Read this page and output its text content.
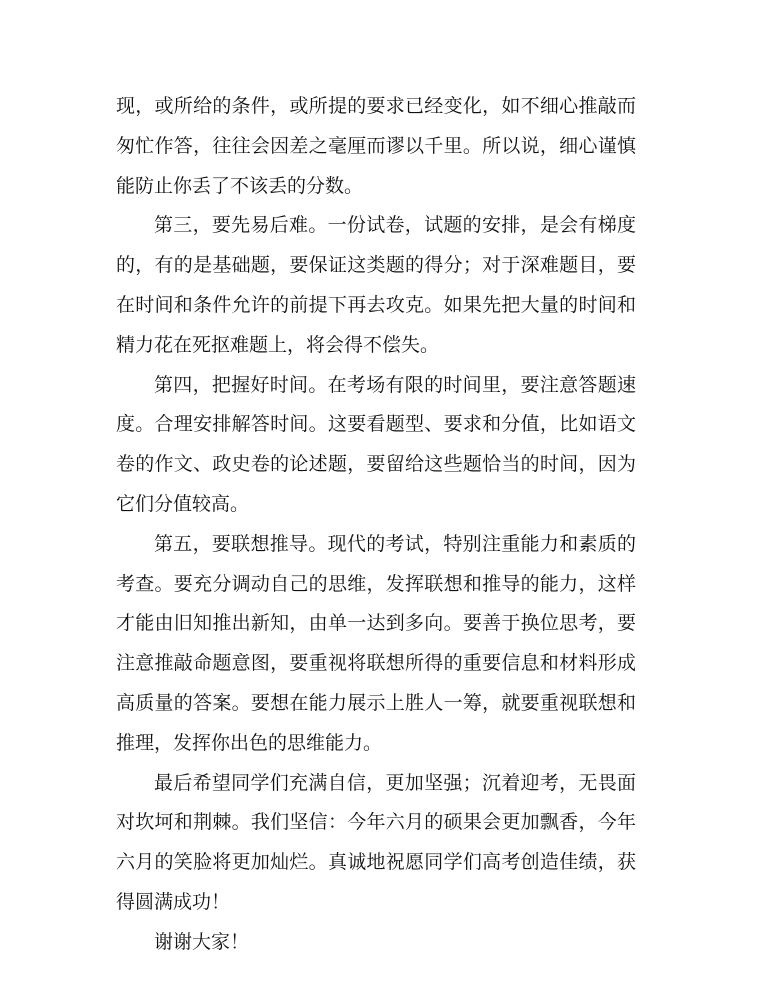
现，或所给的条件，或所提的要求已经变化，如不细心推敲而匆忙作答，往往会因差之毫厘而谬以千里。所以说，细心谨慎能防止你丢了不该丢的分数。

第三，要先易后难。一份试卷，试题的安排，是会有梯度的，有的是基础题，要保证这类题的得分；对于深难题目，要在时间和条件允许的前提下再去攻克。如果先把大量的时间和精力花在死抠难题上，将会得不偿失。

第四，把握好时间。在考场有限的时间里，要注意答题速度。合理安排解答时间。这要看题型、要求和分值，比如语文卷的作文、政史卷的论述题，要留给这些题恰当的时间，因为它们分值较高。

第五，要联想推导。现代的考试，特别注重能力和素质的考查。要充分调动自己的思维，发挥联想和推导的能力，这样才能由旧知推出新知，由单一达到多向。要善于换位思考，要注意推敲命题意图，要重视将联想所得的重要信息和材料形成高质量的答案。要想在能力展示上胜人一筹，就要重视联想和推理，发挥你出色的思维能力。

最后希望同学们充满自信，更加坚强；沉着迎考，无畏面对坎坷和荆棘。我们坚信：今年六月的硕果会更加飘香，今年六月的笑脸将更加灿烂。真诚地祝愿同学们高考创造佳绩，获得圆满成功！

谢谢大家！
